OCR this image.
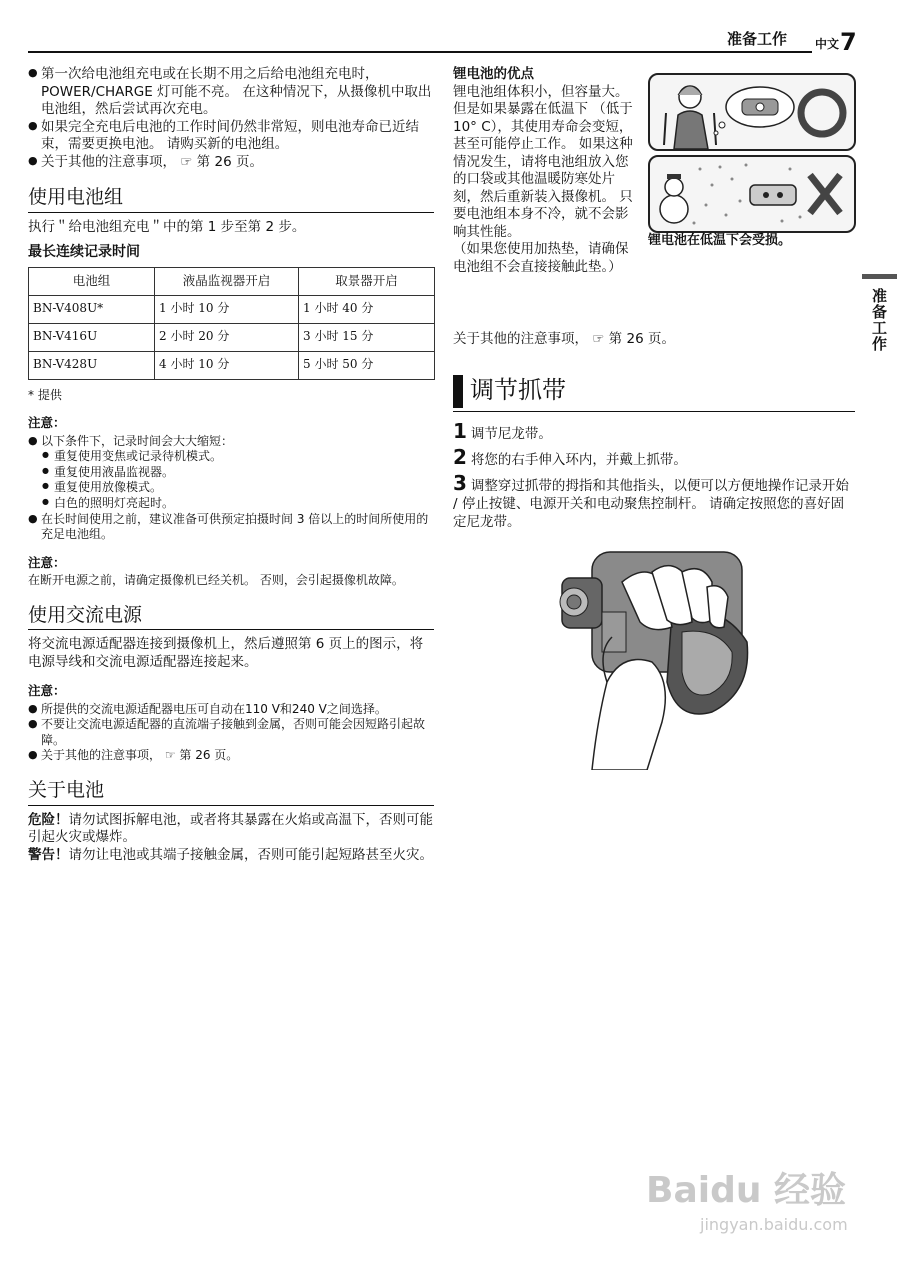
准备工作 中文 7
准备工作
● 第一次给电池组充电或在长期不用之后给电池组充电时，POWER/CHARGE 灯可能不亮。 在这种情况下，从摄像机中取出电池组，然后尝试再次充电。
● 如果完全充电后电池的工作时间仍然非常短，则电池寿命已近结束，需要更换电池。 请购买新的电池组。
● 关于其他的注意事项， ☞ 第 26 页。
使用电池组
执行＂给电池组充电＂中的第 1 步至第 2 步。
最长连续记录时间
电池组	液晶监视器开启	取景器开启
BN-V408U*	1 小时 10 分	1 小时 40 分
BN-V416U	2 小时 20 分	3 小时 15 分
BN-V428U	4 小时 10 分	5 小时 50 分
* 提供
注意：
● 以下条件下，记录时间会大大缩短：
● 重复使用变焦或记录待机模式。
● 重复使用液晶监视器。
● 重复使用放像模式。
● 白色的照明灯亮起时。
● 在长时间使用之前，建议准备可供预定拍摄时间 3 倍以上的时间所使用的充足电池组。
注意：
在断开电源之前，请确定摄像机已经关机。 否则，会引起摄像机故障。
使用交流电源
将交流电源适配器连接到摄像机上，然后遵照第 6 页上的图示，将电源导线和交流电源适配器连接起来。
注意：
● 所提供的交流电源适配器电压可自动在110 V和240 V之间选择。
● 不要让交流电源适配器的直流端子接触到金属，否则可能会因短路引起故障。
● 关于其他的注意事项， ☞ 第 26 页。
关于电池
危险！请勿试图拆解电池，或者将其暴露在火焰或高温下，否则可能引起火灾或爆炸。
警告！请勿让电池或其端子接触金属，否则可能引起短路甚至火灾。
锂电池的优点
锂电池组体积小，但容量大。 但是如果暴露在低温下 （低于 10° C），其使用寿命会变短，甚至可能停止工作。 如果这种情况发生，请将电池组放入您的口袋或其他温暖防寒处片刻，然后重新装入摄像机。 只要电池组本身不冷，就不会影响其性能。
（如果您使用加热垫，请确保电池组不会直接接触此垫。）
关于其他的注意事项， ☞ 第 26 页。
锂电池在低温下会受损。
调节抓带
1 调节尼龙带。
2 将您的右手伸入环内，并戴上抓带。
3 调整穿过抓带的拇指和其他指头，以便可以方便地操作记录开始 / 停止按键、电源开关和电动聚焦控制杆。 请确定按照您的喜好固定尼龙带。
Baidu 经验
jingyan.baidu.com
